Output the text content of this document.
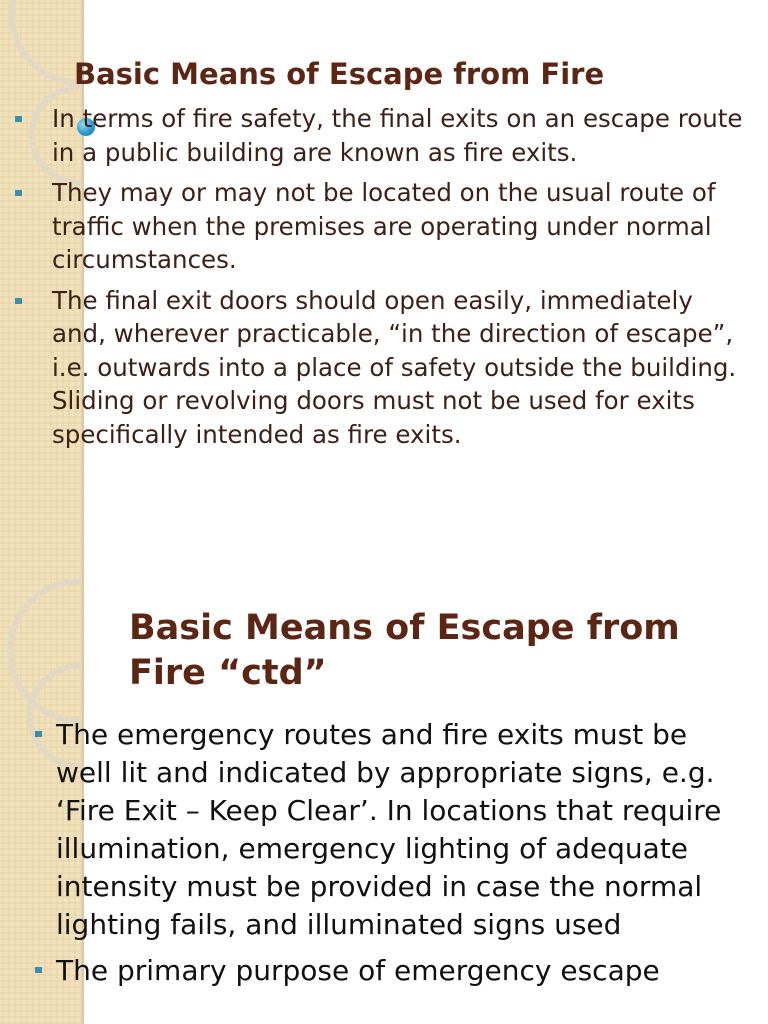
Basic Means of Escape from Fire
In terms of fire safety, the final exits on an escape route in a public building are known as fire exits.
They may or may not be located on the usual route of traffic when the premises are operating under normal circumstances.
The final exit doors should open easily, immediately and, wherever practicable, “in the direction of escape”, i.e. outwards into a place of safety outside the building. Sliding or revolving doors must not be used for exits specifically intended as fire exits.
Basic Means of Escape from Fire “ctd”
The emergency routes and fire exits must be well lit and indicated by appropriate signs, e.g. ‘Fire Exit – Keep Clear’. In locations that require illumination, emergency lighting of adequate intensity must be provided in case the normal lighting fails, and illuminated signs used
The primary purpose of emergency escape
